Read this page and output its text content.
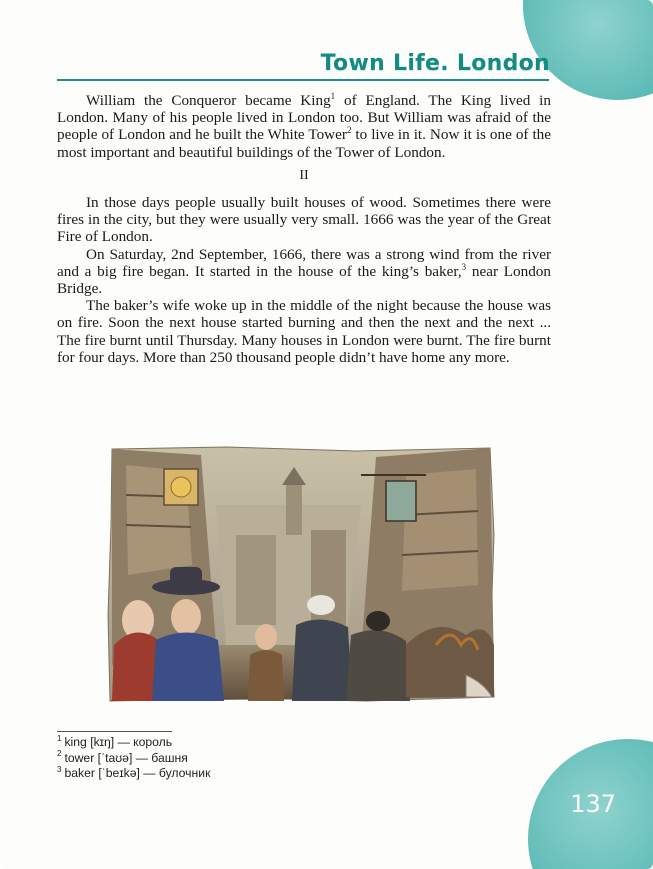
Town Life. London

William the Conqueror became King$^1$ of England. The King lived in London. Many of his people lived in London too. But William was afraid of the people of London and he built the White Tower$^2$ to live in it. Now it is one of the most important and beautiful buildings of the Tower of London.

II

In those days people usually built houses of wood. Sometimes there were fires in the city, but they were usually very small. 1666 was the year of the Great Fire of London.

On Saturday, 2nd September, 1666, there was a strong wind from the river and a big fire began. It started in the house of the king’s baker,$^3$ near London Bridge.

The baker’s wife woke up in the middle of the night because the house was on fire. Soon the next house started burning and then the next and the next ... The fire burnt until Thursday. Many houses in London were burnt. The fire burnt for four days. More than 250 thousand people didn’t have home any more.

$^1$ king [kɪŋ] — король
$^2$ tower [ˈtaʊə] — башня
$^3$ baker [ˈbeɪkə] — булочник
137
